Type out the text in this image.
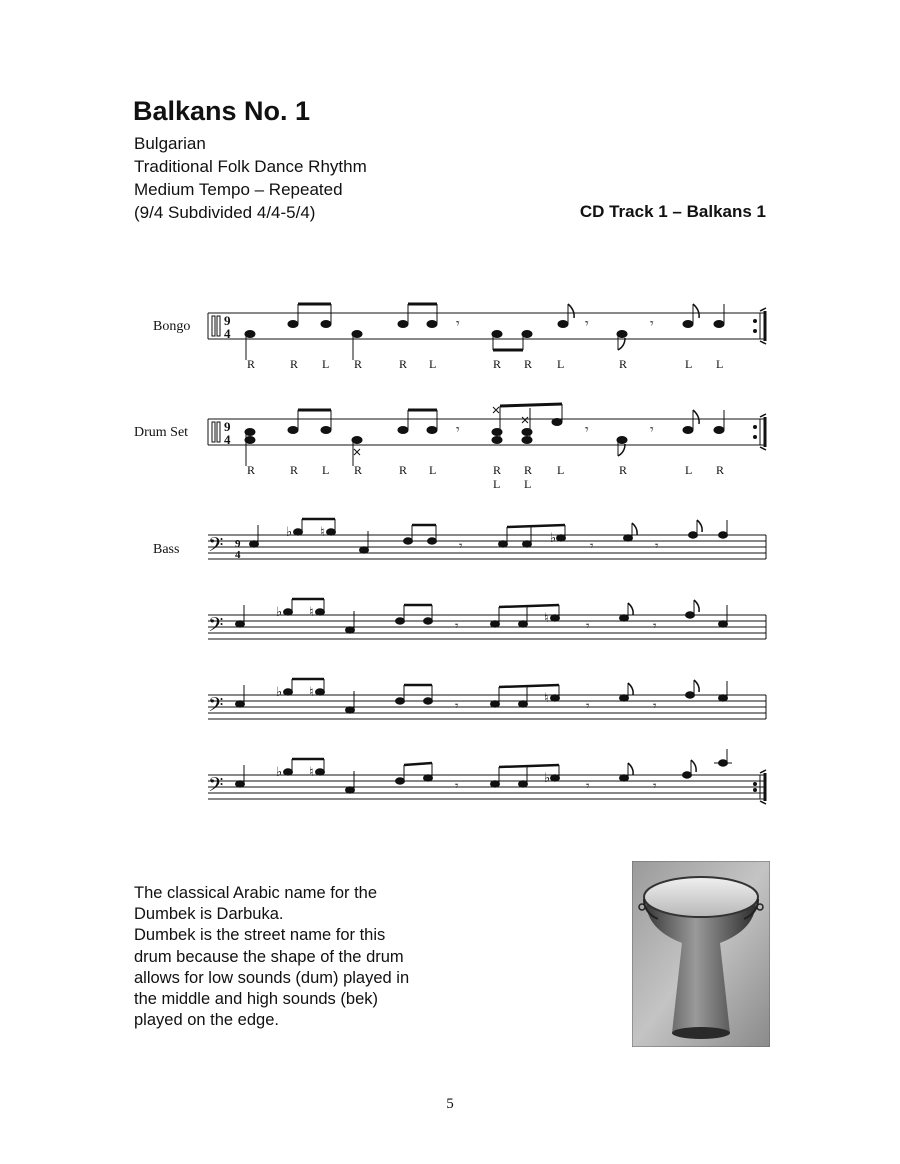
Balkans No. 1
Bulgarian
Traditional Folk Dance Rhythm
Medium Tempo – Repeated
(9/4 Subdivided 4/4-5/4)	CD Track 1 – Balkans 1
Bongo	9
4
𝄾	𝄾	𝄾
R	R L R	R L	R R L	R	L L
Drum Set	9
4
𝄾	𝄾	𝄾
R	R L R	R L	R R L	R	L R
L L
Bass 𝄢 9
4
♭ ♮
𝄾
♭
𝄾	𝄾
𝄢
♭ ♮
𝄾
♮
𝄾	𝄾
𝄢
♭ ♮
𝄾
♮
𝄾	𝄾
𝄢
♭ ♮
𝄾
♭
𝄾	𝄾
The classical Arabic name for the
Dumbek is Darbuka.
Dumbek is the street name for this
drum because the shape of the drum
allows for low sounds (dum) played in
the middle and high sounds (bek)
played on the edge.
5
